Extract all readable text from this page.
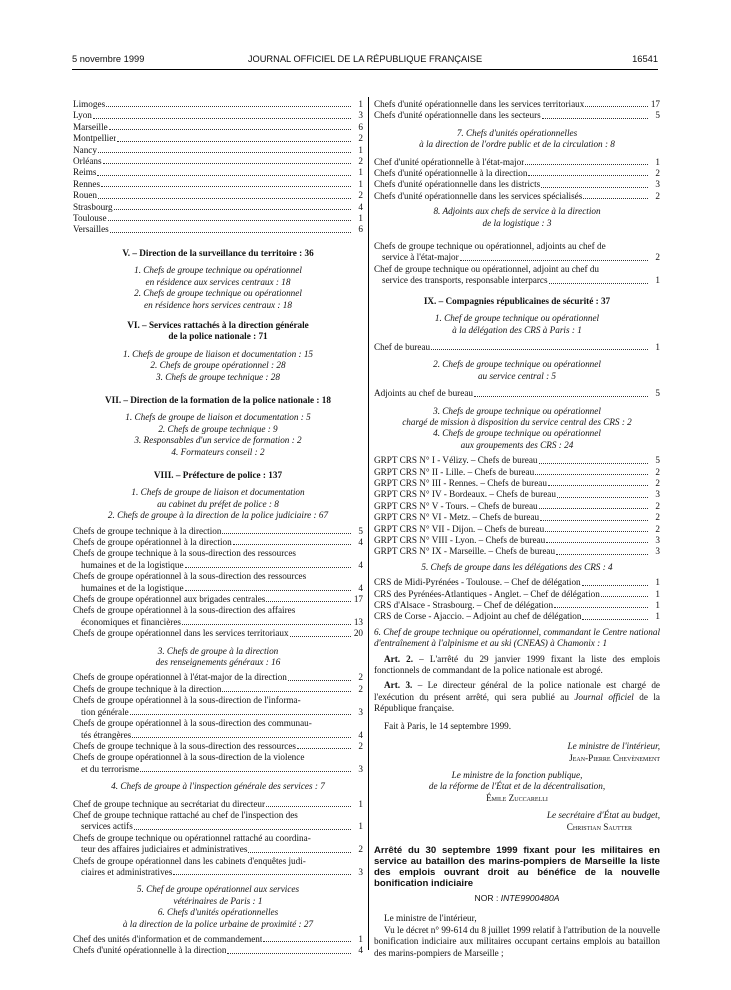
5 novembre 1999	JOURNAL OFFICIEL DE LA RÉPUBLIQUE FRANÇAISE	16541
Limoges	1
Lyon	3
Marseille	6
Montpellier	2
Nancy	1
Orléans	2
Reims	1
Rennes	1
Rouen	2
Strasbourg	4
Toulouse	1
Versailles	6
V. – Direction de la surveillance du territoire : 36
1. Chefs de groupe technique ou opérationnel
en résidence aux services centraux : 18
2. Chefs de groupe technique ou opérationnel
en résidence hors services centraux : 18
VI. – Services rattachés à la direction générale
de la police nationale : 71
1. Chefs de groupe de liaison et documentation : 15
2. Chefs de groupe opérationnel : 28
3. Chefs de groupe technique : 28
VII. – Direction de la formation de la police nationale : 18
1. Chefs de groupe de liaison et documentation : 5
2. Chefs de groupe technique : 9
3. Responsables d'un service de formation : 2
4. Formateurs conseil : 2
VIII. – Préfecture de police : 137
1. Chefs de groupe de liaison et documentation
au cabinet du préfet de police : 8
2. Chefs de groupe à la direction de la police judiciaire : 67
Chefs de groupe technique à la direction	5
Chefs de groupe opérationnel à la direction	4
Chefs de groupe technique à la sous-direction des ressources
humaines et de la logistique	4
Chefs de groupe opérationnel à la sous-direction des ressources
humaines et de la logistique	4
Chefs de groupe opérationnel aux brigades centrales	17
Chefs de groupe opérationnel à la sous-direction des affaires
économiques et financières	13
Chefs de groupe opérationnel dans les services territoriaux	20
3. Chefs de groupe à la direction
des renseignements généraux : 16
Chefs de groupe opérationnel à l'état-major de la direction	2
Chefs de groupe technique à la direction	2
Chefs de groupe opérationnel à la sous-direction de l'informa-
tion générale	3
Chefs de groupe opérationnel à la sous-direction des communau-
tés étrangères	4
Chefs de groupe technique à la sous-direction des ressources	2
Chefs de groupe opérationnel à la sous-direction de la violence
et du terrorisme	3
4. Chefs de groupe à l'inspection générale des services : 7
Chef de groupe technique au secrétariat du directeur	1
Chef de groupe technique rattaché au chef de l'inspection des
services actifs	1
Chefs de groupe technique ou opérationnel rattaché au coordina-
teur des affaires judiciaires et administratives	2
Chefs de groupe opérationnel dans les cabinets d'enquêtes judi-
ciaires et administratives	3
5. Chef de groupe opérationnel aux services
vétérinaires de Paris : 1
6. Chefs d'unités opérationnelles
à la direction de la police urbaine de proximité : 27
Chef des unités d'information et de commandement	1
Chefs d'unité opérationnelle à la direction	4
Chefs d'unité opérationnelle dans les services territoriaux	17
Chefs d'unité opérationnelle dans les secteurs	5
7. Chefs d'unités opérationnelles
à la direction de l'ordre public et de la circulation : 8
Chef d'unité opérationnelle à l'état-major	1
Chefs d'unité opérationnelle à la direction	2
Chefs d'unité opérationnelle dans les districts	3
Chefs d'unité opérationnelle dans les services spécialisés	2
8. Adjoints aux chefs de service à la direction
de la logistique : 3
Chefs de groupe technique ou opérationnel, adjoints au chef de
service à l'état-major	2
Chef de groupe technique ou opérationnel, adjoint au chef du
service des transports, responsable interparcs	1
IX. – Compagnies républicaines de sécurité : 37
1. Chef de groupe technique ou opérationnel
à la délégation des CRS à Paris : 1
Chef de bureau	1
2. Chefs de groupe technique ou opérationnel
au service central : 5
Adjoints au chef de bureau	5
3. Chefs de groupe technique ou opérationnel
chargé de mission à disposition du service central des CRS : 2
4. Chefs de groupe technique ou opérationnel
aux groupements des CRS : 24
GRPT CRS N° I - Vélizy. – Chefs de bureau	5
GRPT CRS N° II - Lille. – Chefs de bureau	2
GRPT CRS N° III - Rennes. – Chefs de bureau	2
GRPT CRS N° IV - Bordeaux. – Chefs de bureau	3
GRPT CRS N° V - Tours. – Chefs de bureau	2
GRPT CRS N° VI - Metz. – Chefs de bureau	2
GRPT CRS N° VII - Dijon. – Chefs de bureau	2
GRPT CRS N° VIII - Lyon. – Chefs de bureau	3
GRPT CRS N° IX - Marseille. – Chefs de bureau	3
5. Chefs de groupe dans les délégations des CRS : 4
CRS de Midi-Pyrénées - Toulouse. – Chef de délégation	1
CRS des Pyrénées-Atlantiques - Anglet. – Chef de délégation	1
CRS d'Alsace - Strasbourg. – Chef de délégation	1
CRS de Corse - Ajaccio. – Adjoint au chef de délégation	1
6. Chef de groupe technique ou opérationnel, commandant le Centre national d'entraînement à l'alpinisme et au ski (CNEAS) à Chamonix : 1
Art. 2. – L'arrêté du 29 janvier 1999 fixant la liste des emplois fonctionnels de commandant de la police nationale est abrogé.
Art. 3. – Le directeur général de la police nationale est chargé de l'exécution du présent arrêté, qui sera publié au Journal officiel de la République française.
Fait à Paris, le 14 septembre 1999.
Le ministre de l'intérieur,
Jean-Pierre Chevènement
Le ministre de la fonction publique,
de la réforme de l'État et de la décentralisation,
Émile Zuccarelli
Le secrétaire d'État au budget,
Christian Sautter
Arrêté du 30 septembre 1999 fixant pour les militaires en service au bataillon des marins-pompiers de Marseille la liste des emplois ouvrant droit au bénéfice de la nouvelle bonification indiciaire
NOR : INTE9900480A
Le ministre de l'intérieur,
Vu le décret n° 99-614 du 8 juillet 1999 relatif à l'attribution de la nouvelle bonification indiciaire aux militaires occupant certains emplois au bataillon des marins-pompiers de Marseille ;
